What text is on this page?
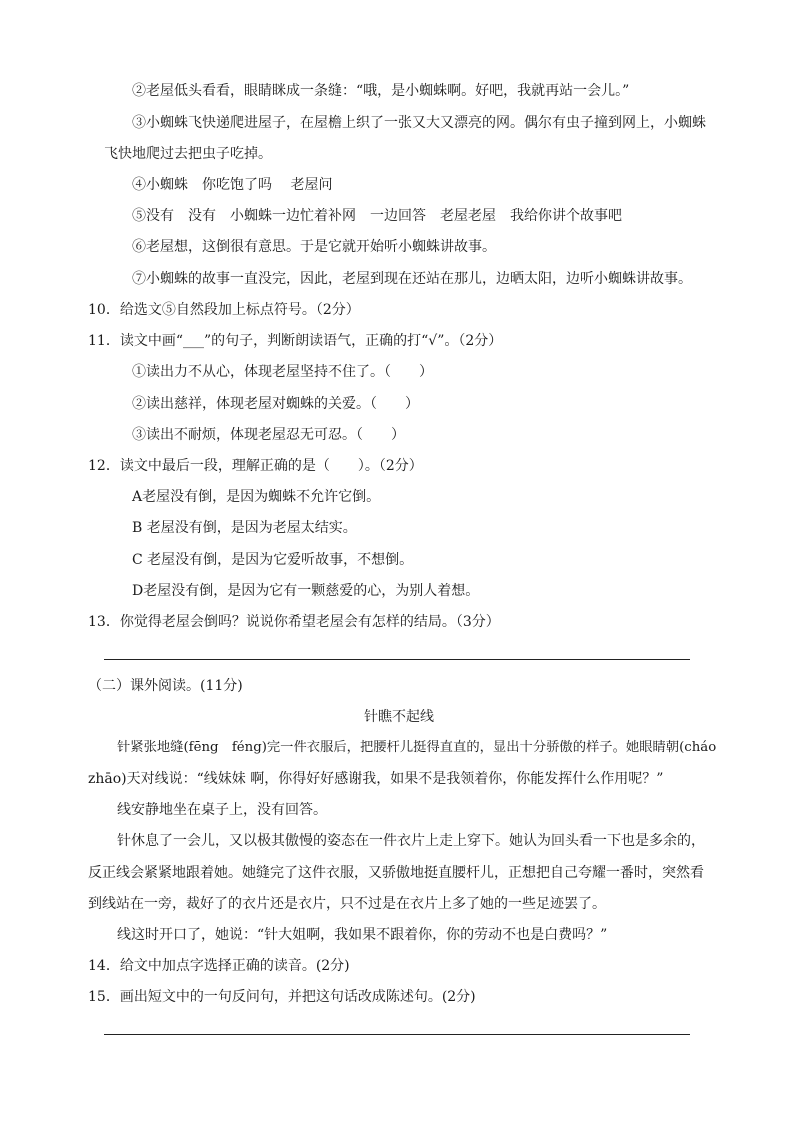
②老屋低头看看，眼睛眯成一条缝：“哦，是小蜘蛛啊。好吧，我就再站一会儿。”
③小蜘蛛飞快递爬进屋子，在屋檐上织了一张又大又漂亮的网。偶尔有虫子撞到网上，小蜘蛛
飞快地爬过去把虫子吃掉。
④小蜘蛛　你吃饱了吗　 老屋问
⑤没有　没有　小蜘蛛一边忙着补网　一边回答　老屋老屋　我给你讲个故事吧
⑥老屋想，这倒很有意思。于是它就开始听小蜘蛛讲故事。
⑦小蜘蛛的故事一直没完，因此，老屋到现在还站在那儿，边晒太阳，边听小蜘蛛讲故事。
10．给选文⑤自然段加上标点符号。（2分）
11．读文中画“___”的句子，判断朗读语气，正确的打“√”。（2分）
①读出力不从心，体现老屋坚持不住了。（　　）
②读出慈祥，体现老屋对蜘蛛的关爱。（　　）
③读出不耐烦，体现老屋忍无可忍。（　　）
12．读文中最后一段，理解正确的是（　　）。（2分）
A老屋没有倒，是因为蜘蛛不允许它倒。
B 老屋没有倒，是因为老屋太结实。
C 老屋没有倒，是因为它爱听故事，不想倒。
D老屋没有倒，是因为它有一颗慈爱的心，为别人着想。
13．你觉得老屋会倒吗？说说你希望老屋会有怎样的结局。（3分）
（二）课外阅读。(11分)
针瞧不起线
针紧张地缝(fēng　féng)完一件衣服后，把腰杆儿挺得直直的，显出十分骄傲的样子。她眼睛朝(cháo
zhāo)天对线说：“线妹妹 啊，你得好好感谢我，如果不是我领着你，你能发挥什么作用呢？”
线安静地坐在桌子上，没有回答。
针休息了一会儿，又以极其傲慢的姿态在一件衣片上走上穿下。她认为回头看一下也是多余的，
反正线会紧紧地跟着她。她缝完了这件衣服，又骄傲地挺直腰杆儿，正想把自己夸耀一番时，突然看
到线站在一旁，裁好了的衣片还是衣片，只不过是在衣片上多了她的一些足迹罢了。
线这时开口了，她说：“针大姐啊，我如果不跟着你，你的劳动不也是白费吗？”
14．给文中加点字选择正确的读音。(2分)
15．画出短文中的一句反问句，并把这句话改成陈述句。(2分)
